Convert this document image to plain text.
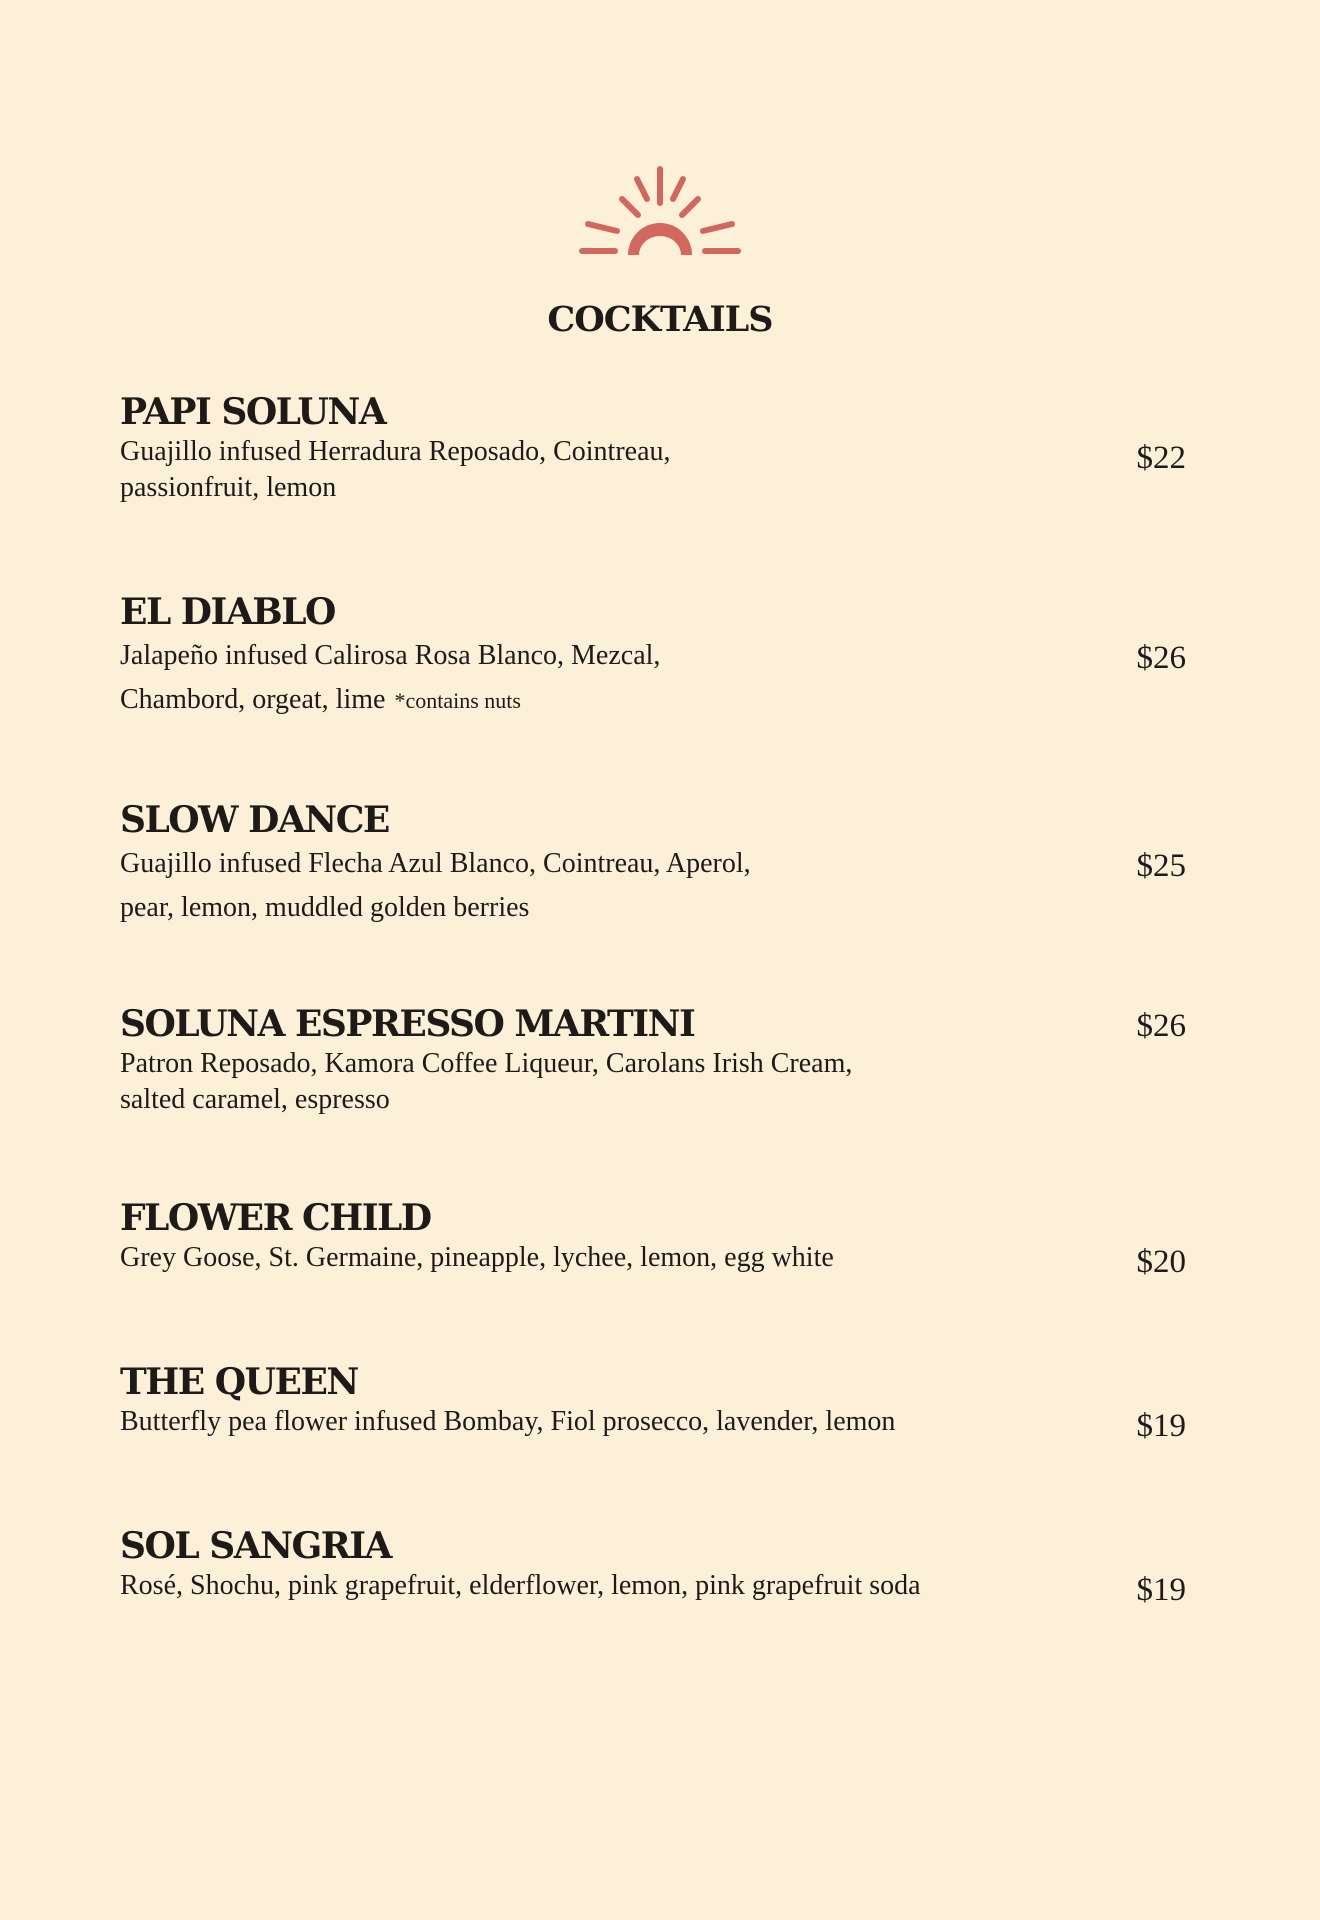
COCKTAILS
PAPI SOLUNA

Guajillo infused Herradura Reposado, Cointreau,
passionfruit, lemon

$22
EL DIABLO

Jalapeño infused Calirosa Rosa Blanco, Mezcal,
Chambord, orgeat, lime *contains nuts

$26
SLOW DANCE

Guajillo infused Flecha Azul Blanco, Cointreau, Aperol,
pear, lemon, muddled golden berries

$25
SOLUNA ESPRESSO MARTINI

Patron Reposado, Kamora Coffee Liqueur, Carolans Irish Cream,
salted caramel, espresso

$26
FLOWER CHILD

Grey Goose, St. Germaine, pineapple, lychee, lemon, egg white	$20
THE QUEEN

Butterfly pea flower infused Bombay, Fiol prosecco, lavender, lemon	$19
SOL SANGRIA

Rosé, Shochu, pink grapefruit, elderflower, lemon, pink grapefruit soda	$19
